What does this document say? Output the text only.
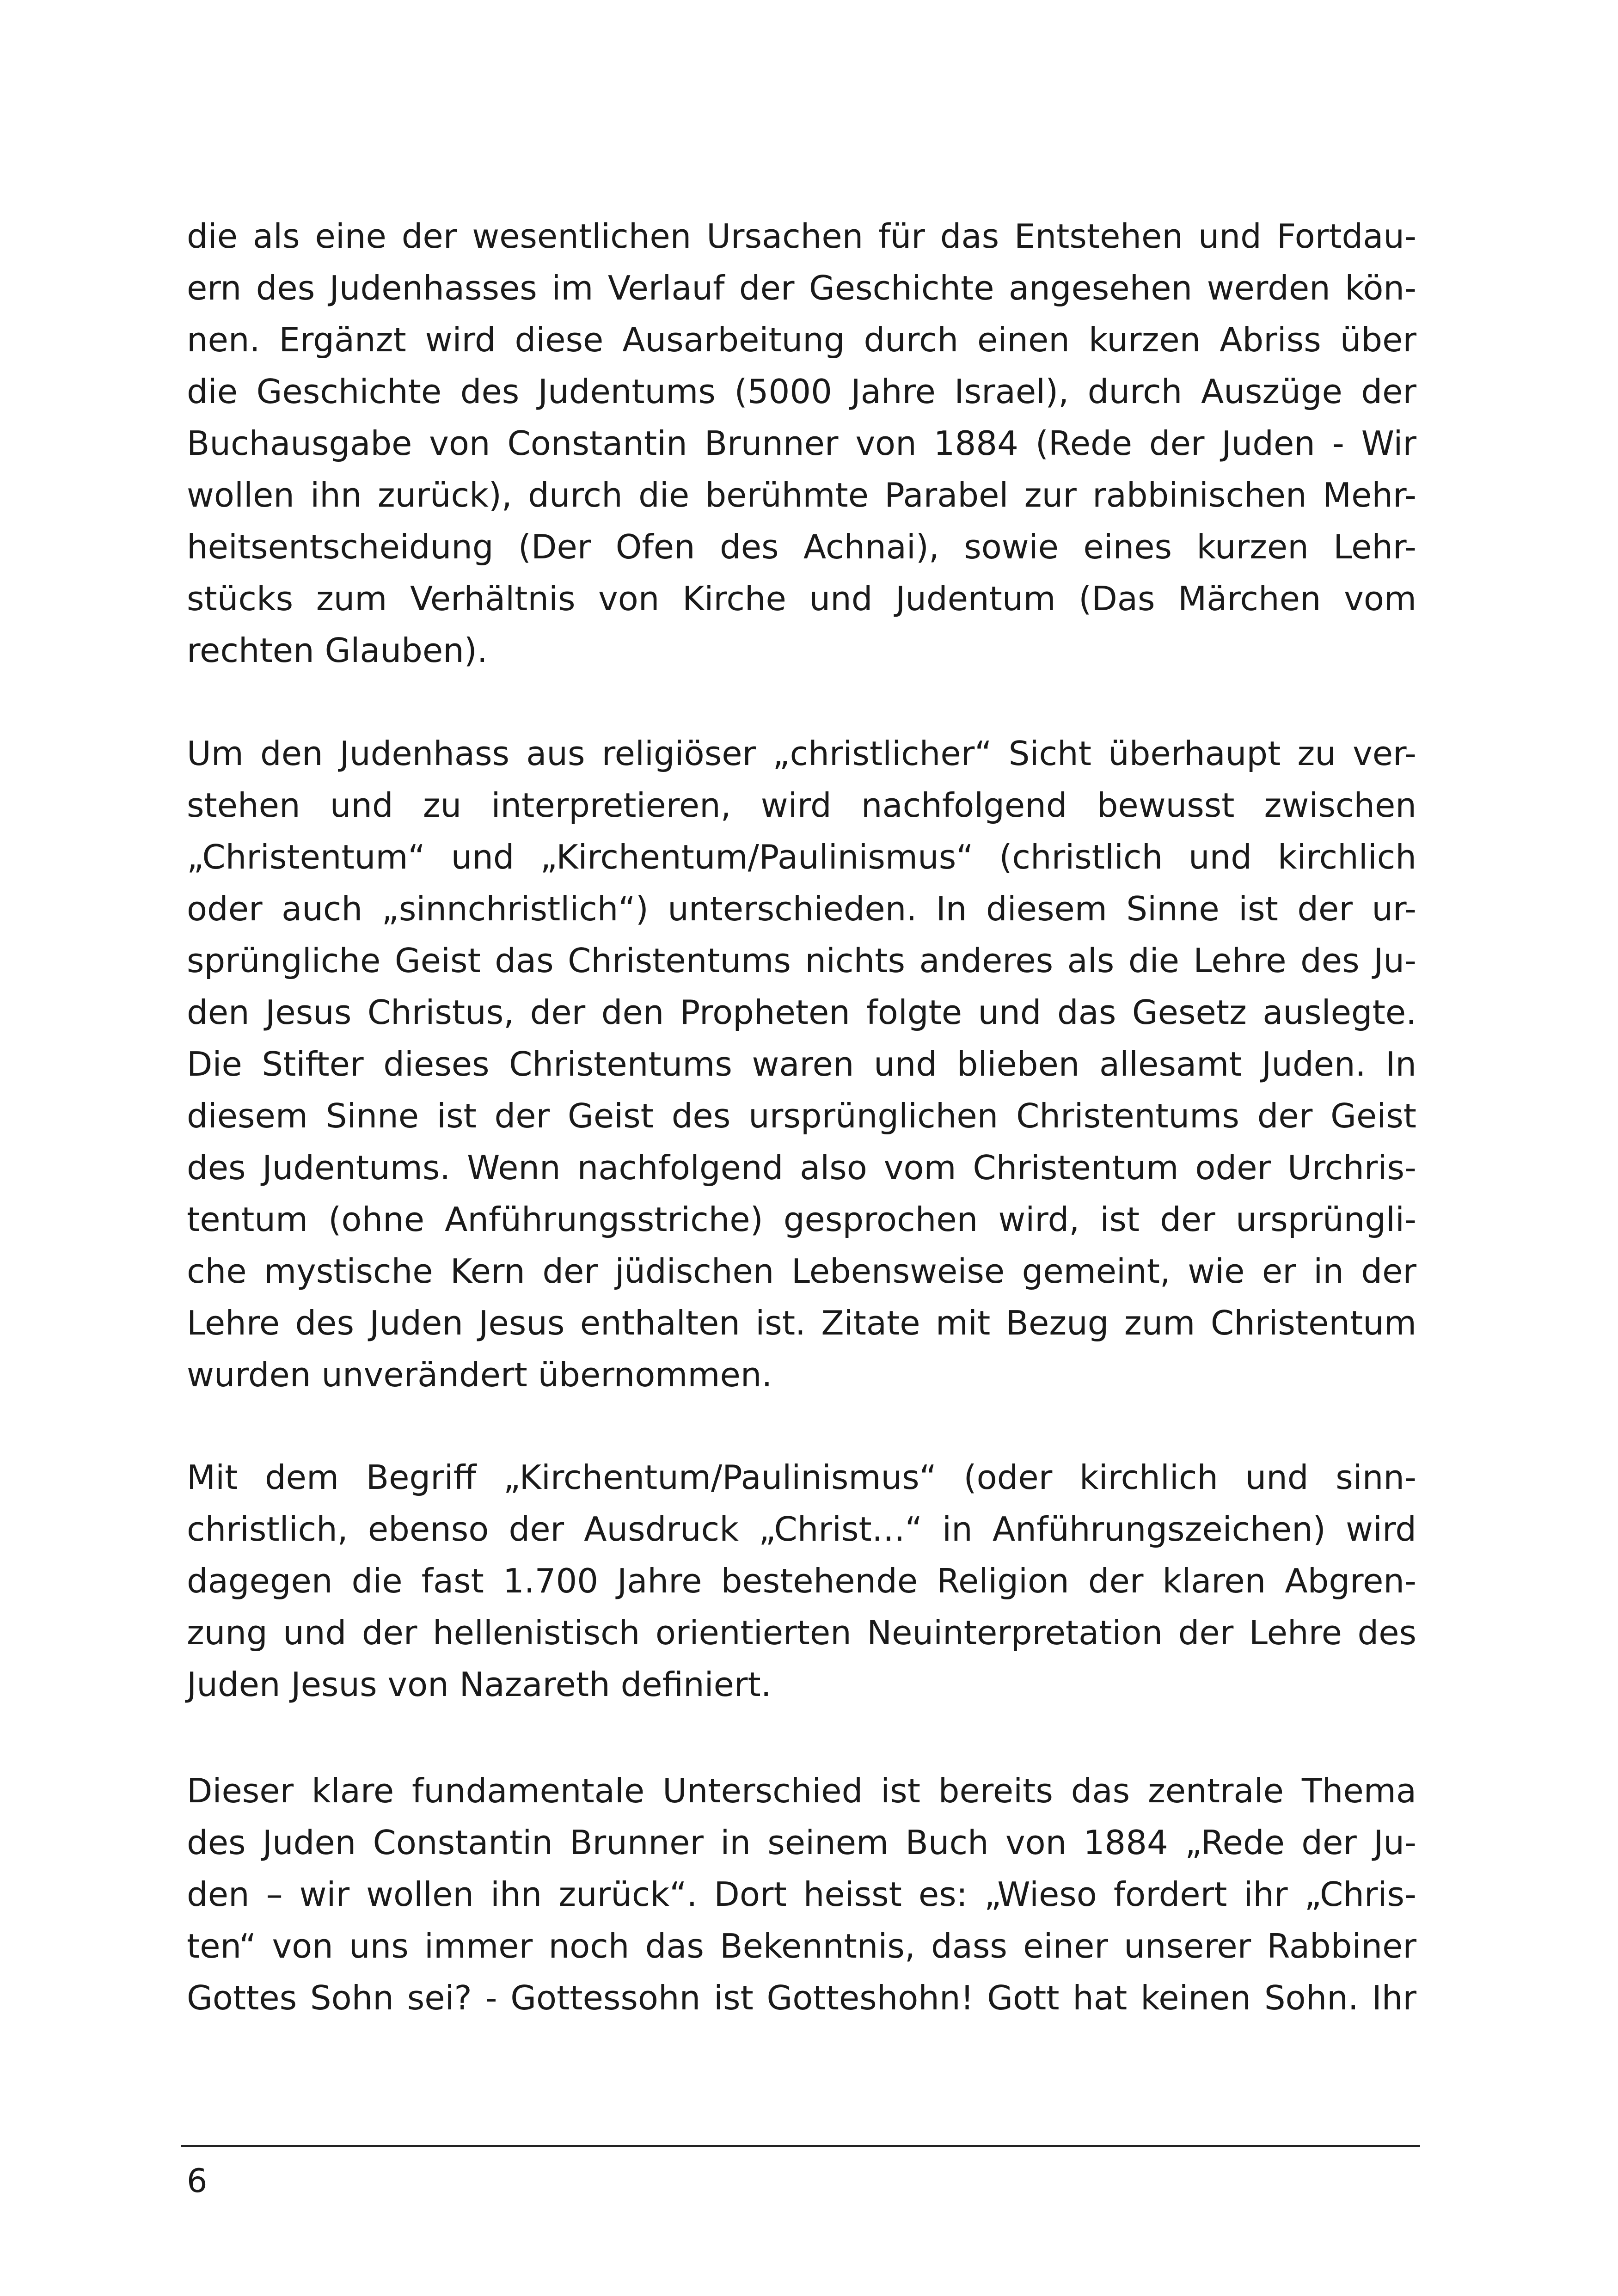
die als eine der wesentlichen Ursachen für das Entstehen und Fortdau-
ern des Judenhasses im Verlauf der Geschichte angesehen werden kön-
nen. Ergänzt wird diese Ausarbeitung durch einen kurzen Abriss über
die Geschichte des Judentums (5000 Jahre Israel), durch Auszüge der
Buchausgabe von Constantin Brunner von 1884 (Rede der Juden - Wir
wollen ihn zurück), durch die berühmte Parabel zur rabbinischen Mehr-
heitsentscheidung (Der Ofen des Achnai), sowie eines kurzen Lehr-
stücks zum Verhältnis von Kirche und Judentum (Das Märchen vom
rechten Glauben).
Um den Judenhass aus religiöser „christlicher“ Sicht überhaupt zu ver-
stehen und zu interpretieren, wird nachfolgend bewusst zwischen
„Christentum“ und „Kirchentum/Paulinismus“ (christlich und kirchlich
oder auch „sinnchristlich“) unterschieden. In diesem Sinne ist der ur-
sprüngliche Geist das Christentums nichts anderes als die Lehre des Ju-
den Jesus Christus, der den Propheten folgte und das Gesetz auslegte.
Die Stifter dieses Christentums waren und blieben allesamt Juden. In
diesem Sinne ist der Geist des ursprünglichen Christentums der Geist
des Judentums. Wenn nachfolgend also vom Christentum oder Urchris-
tentum (ohne Anführungsstriche) gesprochen wird, ist der ursprüngli-
che mystische Kern der jüdischen Lebensweise gemeint, wie er in der
Lehre des Juden Jesus enthalten ist. Zitate mit Bezug zum Christentum
wurden unverändert übernommen.
Mit dem Begriff „Kirchentum/Paulinismus“ (oder kirchlich und sinn-
christlich, ebenso der Ausdruck „Christ…“ in Anführungszeichen) wird
dagegen die fast 1.700 Jahre bestehende Religion der klaren Abgren-
zung und der hellenistisch orientierten Neuinterpretation der Lehre des
Juden Jesus von Nazareth definiert.
Dieser klare fundamentale Unterschied ist bereits das zentrale Thema
des Juden Constantin Brunner in seinem Buch von 1884 „Rede der Ju-
den – wir wollen ihn zurück“. Dort heisst es: „Wieso fordert ihr „Chris-
ten“ von uns immer noch das Bekenntnis, dass einer unserer Rabbiner
Gottes Sohn sei? - Gottessohn ist Gotteshohn! Gott hat keinen Sohn. Ihr
6
